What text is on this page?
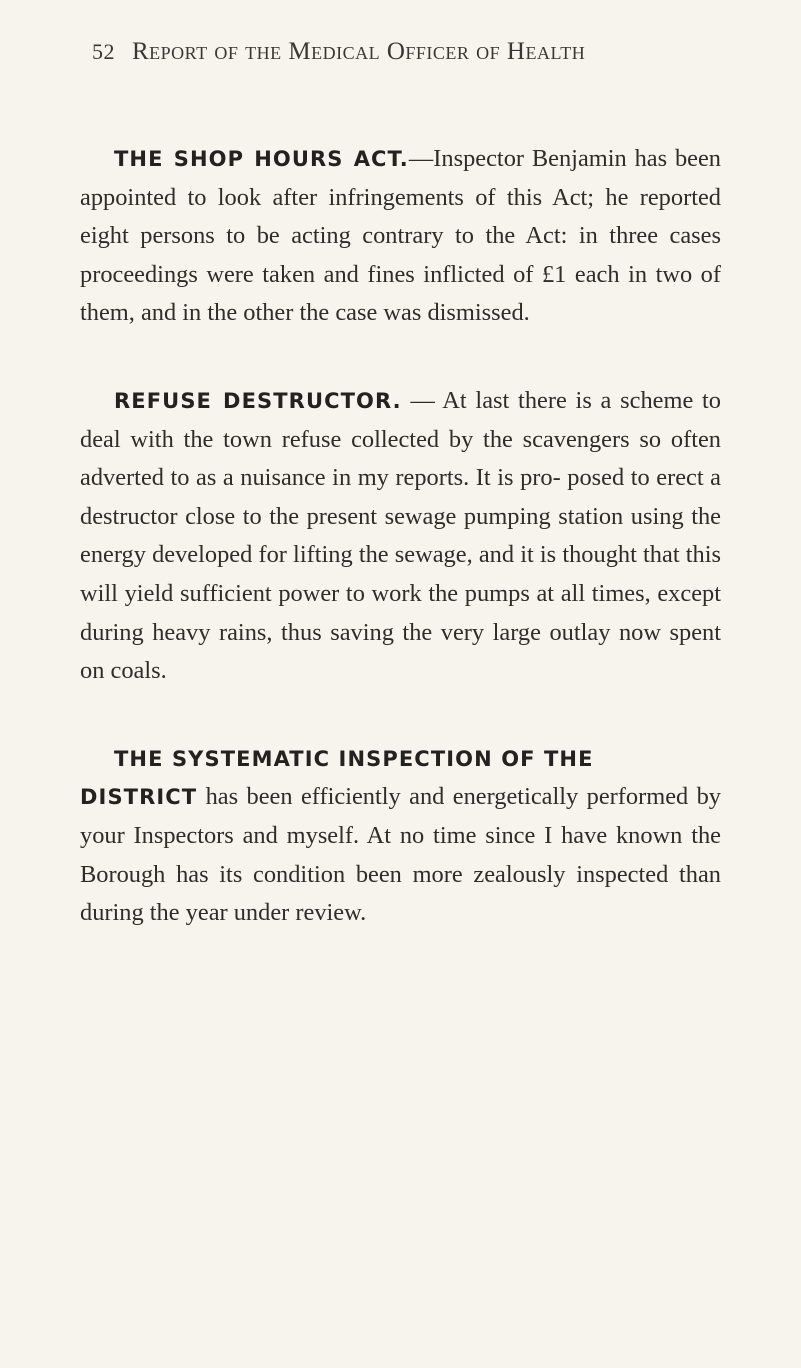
52 Report of the Medical Officer of Health

THE SHOP HOURS ACT.—Inspector Benjamin has been appointed to look after infringements of this Act; he reported eight persons to be acting contrary to the Act: in three cases proceedings were taken and fines inflicted of £1 each in two of them, and in the other the case was dismissed.

REFUSE DESTRUCTOR. — At last there is a scheme to deal with the town refuse collected by the scavengers so often adverted to as a nuisance in my reports. It is pro- posed to erect a destructor close to the present sewage pumping station using the energy developed for lifting the sewage, and it is thought that this will yield sufficient power to work the pumps at all times, except during heavy rains, thus saving the very large outlay now spent on coals.

THE SYSTEMATIC INSPECTION OF THE
DISTRICT has been efficiently and energetically performed by your Inspectors and myself. At no time since I have known the Borough has its condition been more zealously inspected than during the year under review.
